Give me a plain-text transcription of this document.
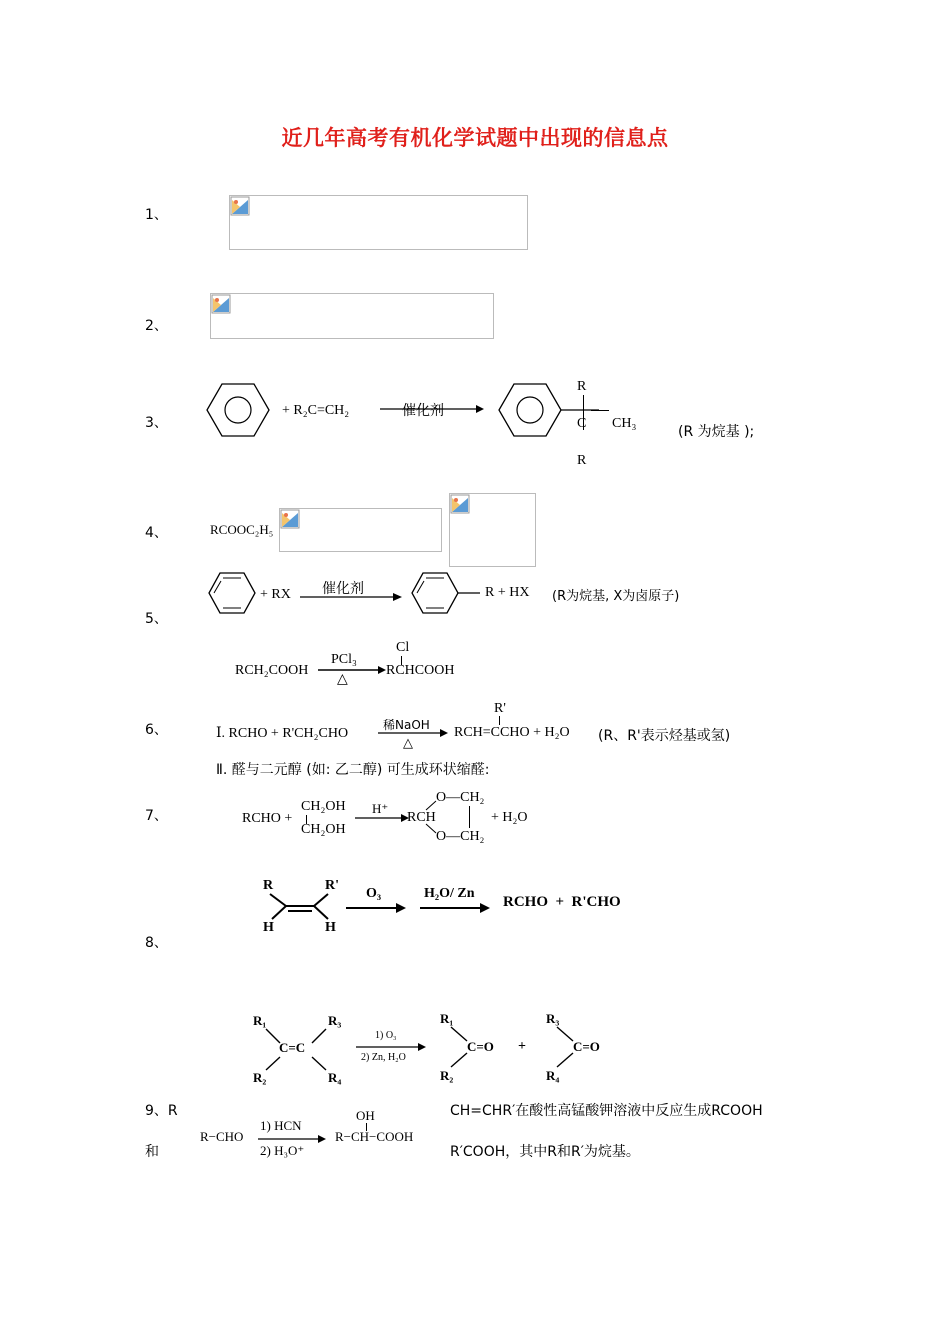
近几年高考有机化学试题中出现的信息点
1、
2、
3、
+ R₂C=CH₂	催化剂
R
C CH₃
R
(R 为烷基 );
4、	RCOOC₂H₅
5、
+ RX 催化剂	R + HX (R为烷基, X为卤原子)
RCH₂COOH
PCl₃
△
Cl
RCHCOOH
6、	Ⅰ. RCHO + R'CH₂CHO
稀NaOH
△
R'
RCH=CCHO + H₂O (R、R'表示烃基或氢)
Ⅱ. 醛与二元醇 (如: 乙二醇) 可生成环状缩醛:
7、	RCHO +
CH₂OH
CH₂OH
H⁺
RCH
O—CH₂
O—CH₂
+ H₂O
8、
R	R'
H	H
O₃	H₂O/ Zn
RCHO  +  R'CHO
R₁	R₃
C=C
R₂	R₄
1) O₃
2) Zn, H₂O
R₁
C=O
R₂
+
R₃
C=O
R₄
9、R
和
R−CHO
1) HCN
2) H₃O⁺
OH
R−CH−COOH
CH=CHR′在酸性高锰酸钾溶液中反应生成RCOOH
R′COOH，其中R和R′为烷基。
